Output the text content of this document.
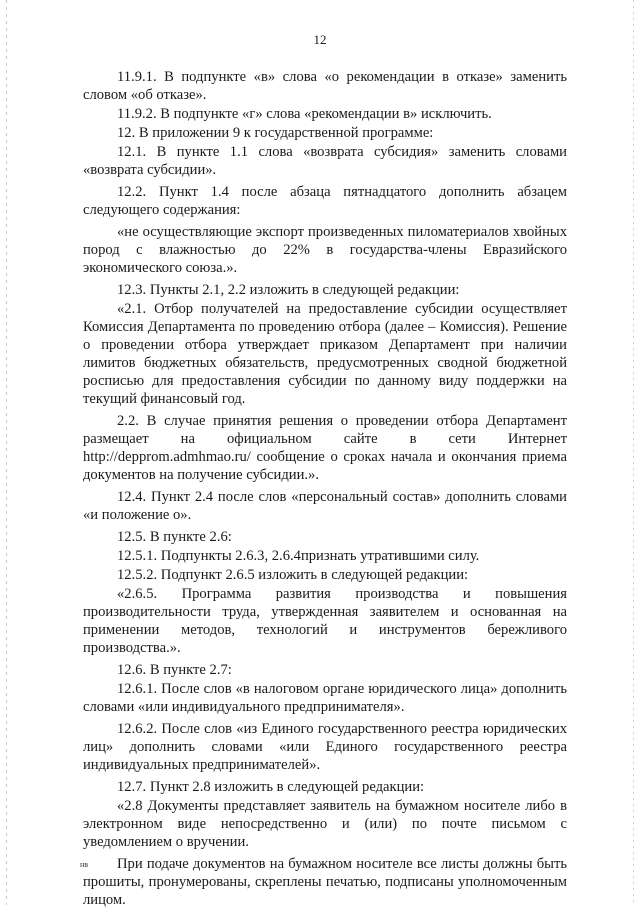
12

11.9.1. В подпункте «в» слова «о рекомендации в отказе» заменить словом «об отказе».

11.9.2. В подпункте «г» слова «рекомендации в» исключить.

12. В приложении 9 к государственной программе:

12.1. В пункте 1.1 слова «возврата субсидия» заменить словами «возврата субсидии».

12.2. Пункт 1.4 после абзаца пятнадцатого дополнить абзацем следующего содержания:

«не осуществляющие экспорт произведенных пиломатериалов хвойных пород с влажностью до 22% в государства-члены Евразийского экономического союза.».

12.3. Пункты 2.1, 2.2 изложить в следующей редакции:

«2.1. Отбор получателей на предоставление субсидии осуществляет Комиссия Департамента по проведению отбора (далее – Комиссия). Решение о проведении отбора утверждает приказом Департамент при наличии лимитов бюджетных обязательств, предусмотренных сводной бюджетной росписью для предоставления субсидии по данному виду поддержки на текущий финансовый год.

2.2. В случае принятия решения о проведении отбора Департамент размещает на официальном сайте в сети Интернет http://depprom.admhmao.ru/ сообщение о сроках начала и окончания приема документов на получение субсидии.».

12.4. Пункт 2.4 после слов «персональный состав» дополнить словами «и положение о».

12.5. В пункте 2.6:

12.5.1. Подпункты 2.6.3, 2.6.4признать утратившими силу.

12.5.2. Подпункт 2.6.5 изложить в следующей редакции:

«2.6.5. Программа развития производства и повышения производительности труда, утвержденная заявителем и основанная на применении методов, технологий и инструментов бережливого производства.».

12.6. В пункте 2.7:

12.6.1. После слов «в налоговом органе юридического лица» дополнить словами «или индивидуального предпринимателя».

12.6.2. После слов «из Единого государственного реестра юридических лиц» дополнить словами «или Единого государственного реестра индивидуальных предпринимателей».

12.7. Пункт 2.8 изложить в следующей редакции:

«2.8 Документы представляет заявитель на бумажном носителе либо в электронном виде непосредственно и (или) по почте письмом с уведомлением о вручении.

При подаче документов на бумажном носителе все листы должны быть прошиты, пронумерованы, скреплены печатью, подписаны уполномоченным лицом.

нв
